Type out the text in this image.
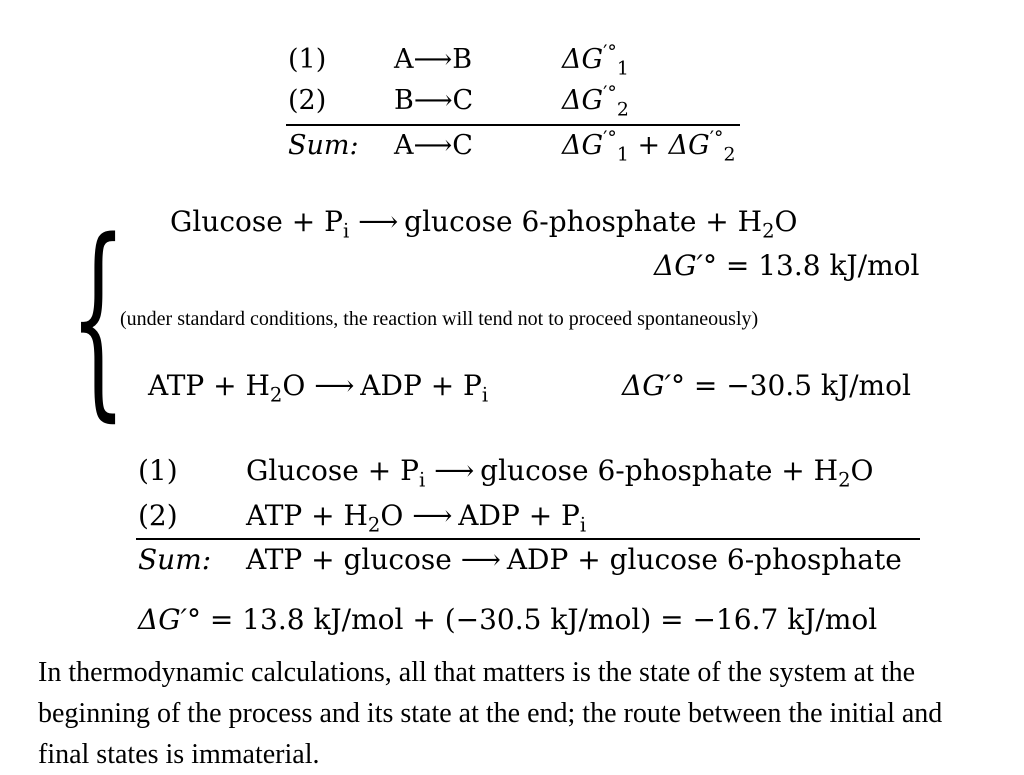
(1)	A⟶B	$\Delta G^{'^\circ}_1$
(2)	B⟶C	$\Delta G^{'^\circ}_2$
Sum: A⟶C	$\Delta G^{'^\circ}_1 + \Delta G^{'^\circ}_2$
{ $Glucose + P_i$ ⟶ glucose 6-phosphate + $H_2O$
ΔG′° = 13.8 kJ/mol
(under standard conditions, the reaction will tend not to proceed spontaneously)
ATP + $H_2O$ ⟶ ADP + $P_i$	ΔG′° = −30.5 kJ/mol
(1) $Glucose + P_i$ ⟶ glucose 6-phosphate + $H_2O$
(2) ATP + $H_2O$ ⟶ ADP + $P_i$
Sum: ATP + glucose ⟶ ADP + glucose 6-phosphate
ΔG′° = 13.8 kJ/mol + (−30.5 kJ/mol) = −16.7 kJ/mol
In thermodynamic calculations, all that matters is the state of the system at the beginning of the process and its state at the end; the route between the initial and final states is immaterial.
